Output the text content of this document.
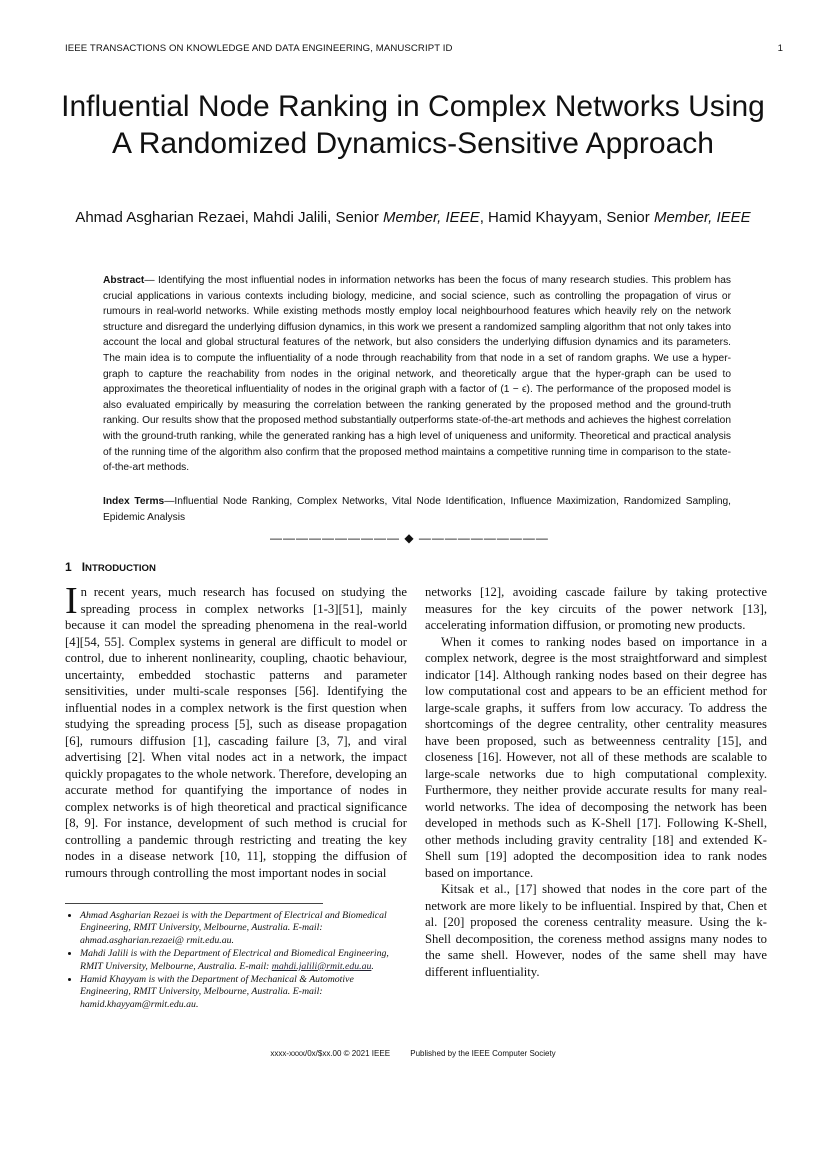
IEEE TRANSACTIONS ON KNOWLEDGE AND DATA ENGINEERING, MANUSCRIPT ID	1
Influential Node Ranking in Complex Networks Using A Randomized Dynamics-Sensitive Approach
Ahmad Asgharian Rezaei, Mahdi Jalili, Senior Member, IEEE, Hamid Khayyam, Senior Member, IEEE

Abstract— Identifying the most influential nodes in information networks has been the focus of many research studies. This problem has crucial applications in various contexts including biology, medicine, and social science, such as controlling the propagation of virus or rumours in real-world networks. While existing methods mostly employ local neighbourhood features which heavily rely on the network structure and disregard the underlying diffusion dynamics, in this work we present a randomized sampling algorithm that not only takes into account the local and global structural features of the network, but also considers the underlying diffusion dynamics and its parameters. The main idea is to compute the influentiality of a node through reachability from that node in a set of random graphs. We use a hyper-graph to capture the reachability from nodes in the original network, and theoretically argue that the hyper-graph can be used to approximates the theoretical influentiality of nodes in the original graph with a factor of (1 − ϵ). The performance of the proposed model is also evaluated empirically by measuring the correlation between the ranking generated by the proposed method and the ground-truth ranking. Our results show that the proposed method substantially outperforms state-of-the-art methods and achieves the highest correlation with the ground-truth ranking, while the generated ranking has a high level of uniqueness and uniformity. Theoretical and practical analysis of the running time of the algorithm also confirm that the proposed method maintains a competitive running time in comparison to the state-of-the-art methods.

Index Terms—Influential Node Ranking, Complex Networks, Vital Node Identification, Influence Maximization, Randomized Sampling, Epidemic Analysis

—————————— ◆ ——————————
1 INTRODUCTION

In recent years, much research has focused on studying the spreading process in complex networks [1-3][51], mainly because it can model the spreading phenomena in the real-world [4][54, 55]. Complex systems in general are difficult to model or control, due to inherent nonlinearity, coupling, chaotic behaviour, uncertainty, embedded stochastic patterns and parameter sensitivities, under multi-scale responses [56]. Identifying the influential nodes in a complex network is the first question when studying the spreading process [5], such as disease propagation [6], rumours diffusion [1], cascading failure [3, 7], and viral advertising [2]. When vital nodes act in a network, the impact quickly propagates to the whole network. Therefore, developing an accurate method for quantifying the importance of nodes in complex networks is of high theoretical and practical significance [8, 9]. For instance, development of such method is crucial for controlling a pandemic through restricting and treating the key nodes in a disease network [10, 11], stopping the diffusion of rumours through controlling the most important nodes in social

• Ahmad Asgharian Rezaei is with the Department of Electrical and Biomedical Engineering, RMIT University, Melbourne, Australia. E-mail: ahmad.asgharian.rezaei@ rmit.edu.au.
• Mahdi Jalili is with the Department of Electrical and Biomedical Engineering, RMIT University, Melbourne, Australia. E-mail: mahdi.jalili@rmit.edu.au.
• Hamid Khayyam is with the Department of Mechanical & Automotive Engineering, RMIT University, Melbourne, Australia. E-mail: hamid.khayyam@rmit.edu.au.

networks [12], avoiding cascade failure by taking protective measures for the key circuits of the power network [13], accelerating information diffusion, or promoting new products.

When it comes to ranking nodes based on importance in a complex network, degree is the most straightforward and simplest indicator [14]. Although ranking nodes based on their degree has low computational cost and appears to be an efficient method for large-scale graphs, it suffers from low accuracy. To address the shortcomings of the degree centrality, other centrality measures have been proposed, such as betweenness centrality [15], and closeness [16]. However, not all of these methods are scalable to large-scale networks due to high computational complexity. Furthermore, they neither provide accurate results for many real-world networks. The idea of decomposing the network has been developed in methods such as K-Shell [17]. Following K-Shell, other methods including gravity centrality [18] and extended K-Shell sum [19] adopted the decomposition idea to rank nodes based on importance.

Kitsak et al., [17] showed that nodes in the core part of the network are more likely to be influential. Inspired by that, Chen et al. [20] proposed the coreness centrality measure. Using the k-Shell decomposition, the coreness method assigns many nodes to the same shell. However, nodes of the same shell may have different influentiality.

xxxx-xxxx/0x/$xx.00 © 2021 IEEE	Published by the IEEE Computer Society
